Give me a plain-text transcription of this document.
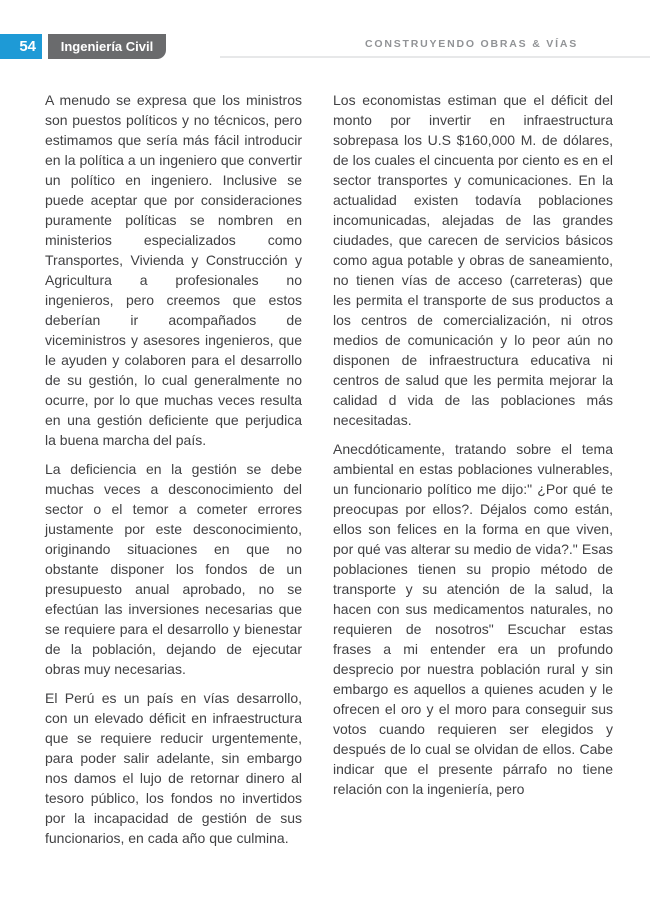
54	Ingeniería Civil	CONSTRUYENDO OBRAS & VÍAS

A menudo se expresa que los ministros son puestos políticos y no técnicos, pero estimamos que sería más fácil introducir en la política a un ingeniero que convertir un político en ingeniero. Inclusive se puede aceptar que por consideraciones puramente políticas se nombren en ministerios especializados como Transportes, Vivienda y Construcción y Agricultura a profesionales no ingenieros, pero creemos que estos deberían ir acompañados de viceministros y asesores ingenieros, que le ayuden y colaboren para el desarrollo de su gestión, lo cual generalmente no ocurre, por lo que muchas veces resulta en una gestión deficiente que perjudica la buena marcha del país.

La deficiencia en la gestión se debe muchas veces a desconocimiento del sector o el temor a cometer errores justamente por este desconocimiento, originando situaciones en que no obstante disponer los fondos de un presupuesto anual aprobado, no se efectúan las inversiones necesarias que se requiere para el desarrollo y bienestar de la población, dejando de ejecutar obras muy necesarias.

El Perú es un país en vías desarrollo, con un elevado déficit en infraestructura que se requiere reducir urgentemente, para poder salir adelante, sin embargo nos damos el lujo de retornar dinero al tesoro público, los fondos no invertidos por la incapacidad de gestión de sus funcionarios, en cada año que culmina.

Los economistas estiman que el déficit del monto por invertir en infraestructura sobrepasa los U.S $160,000 M. de dólares, de los cuales el cincuenta por ciento es en el sector transportes y comunicaciones. En la actualidad existen todavía poblaciones incomunicadas, alejadas de las grandes ciudades, que carecen de servicios básicos como agua potable y obras de saneamiento, no tienen vías de acceso (carreteras) que les permita el transporte de sus productos a los centros de comercialización, ni otros medios de comunicación y lo peor aún no disponen de infraestructura educativa ni centros de salud que les permita mejorar la calidad d vida de las poblaciones más necesitadas.

Anecdóticamente, tratando sobre el tema ambiental en estas poblaciones vulnerables, un funcionario político me dijo:" ¿Por qué te preocupas por ellos?. Déjalos como están, ellos son felices en la forma en que viven, por qué vas alterar su medio de vida?." Esas poblaciones tienen su propio método de transporte y su atención de la salud, la hacen con sus medicamentos naturales, no requieren de nosotros" Escuchar estas frases a mi entender era un profundo desprecio por nuestra población rural y sin embargo es aquellos a quienes acuden y le ofrecen el oro y el moro para conseguir sus votos cuando requieren ser elegidos y después de lo cual se olvidan de ellos. Cabe indicar que el presente párrafo no tiene relación con la ingeniería, pero
